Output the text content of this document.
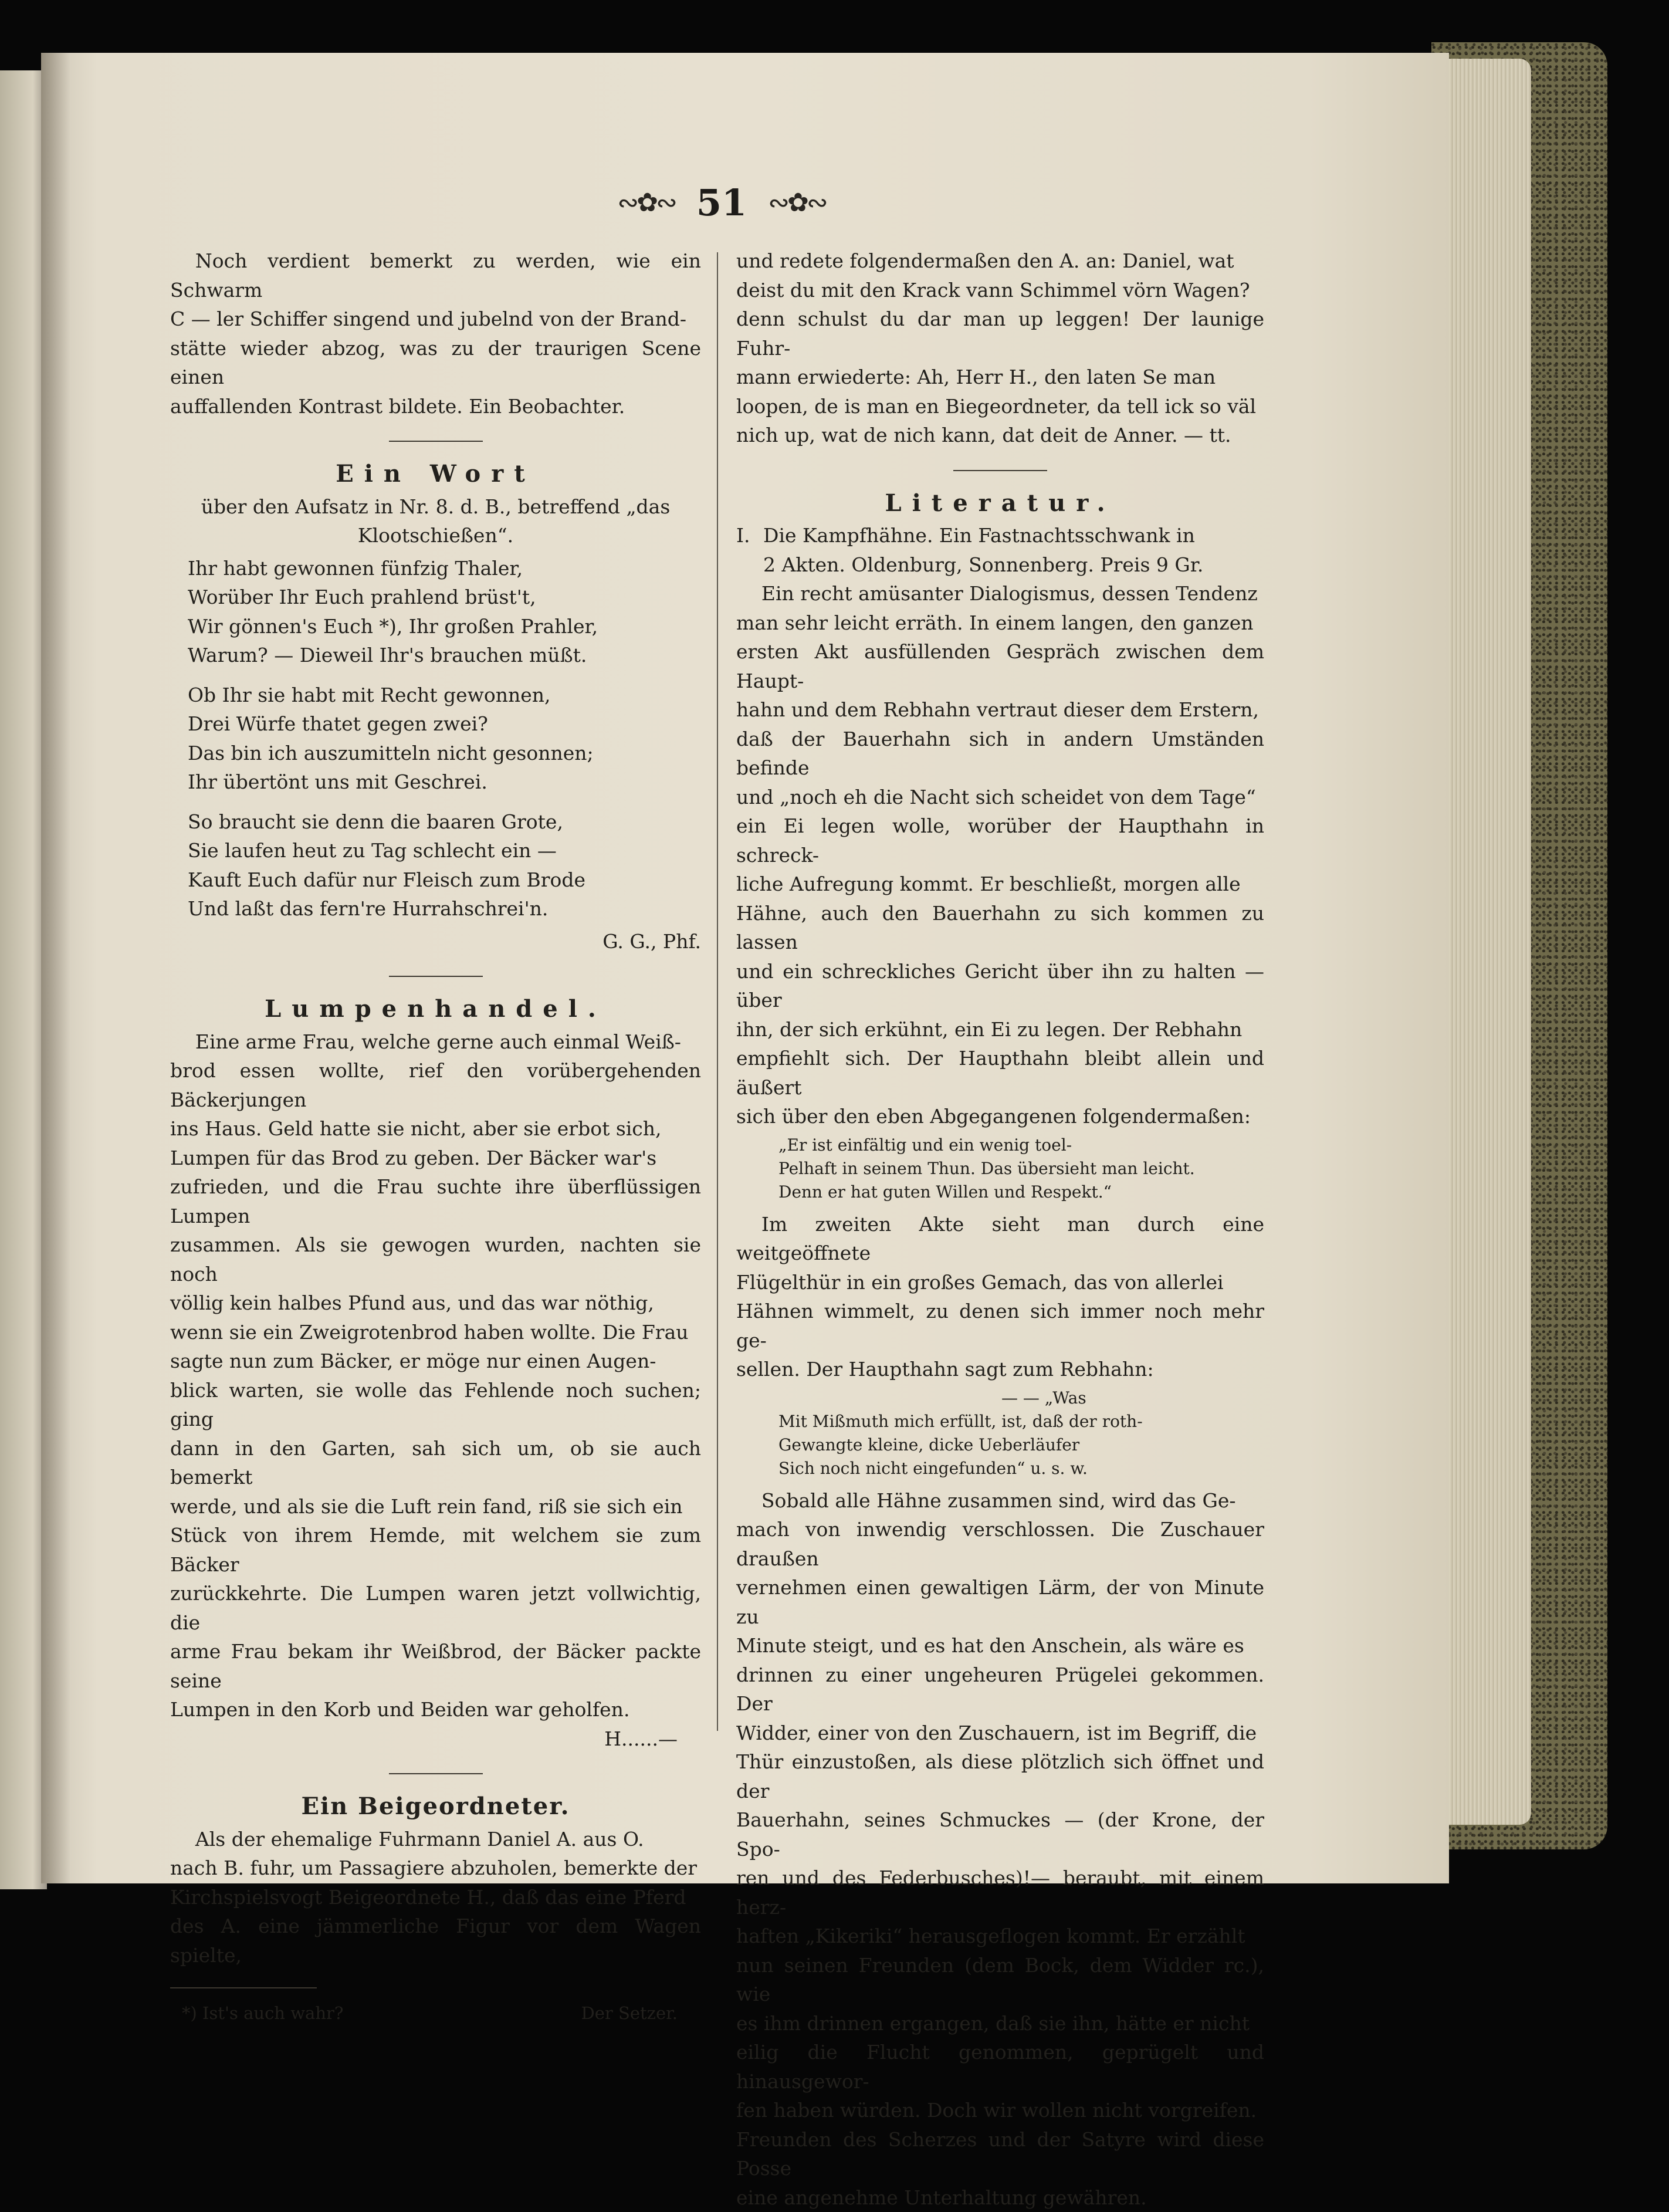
∾✿∾ 51 ∾✿∾

Noch verdient bemerkt zu werden, wie ein Schwarm

C — ler Schiffer singend und jubelnd von der Brand-

stätte wieder abzog, was zu der traurigen Scene einen

auffallenden Kontrast bildete. Ein Beobachter.

Ein Wort

über den Aufsatz in Nr. 8. d. B., betreffend „das

Klootschießen“.

Ihr habt gewonnen fünfzig Thaler,

Worüber Ihr Euch prahlend brüst't,

Wir gönnen's Euch *), Ihr großen Prahler,

Warum? — Dieweil Ihr's brauchen müßt.

Ob Ihr sie habt mit Recht gewonnen,

Drei Würfe thatet gegen zwei?

Das bin ich auszumitteln nicht gesonnen;

Ihr übertönt uns mit Geschrei.

So braucht sie denn die baaren Grote,

Sie laufen heut zu Tag schlecht ein —

Kauft Euch dafür nur Fleisch zum Brode

Und laßt das fern're Hurrahschrei'n.

G. G., Phf.

Lumpenhandel.

Eine arme Frau, welche gerne auch einmal Weiß-

brod essen wollte, rief den vorübergehenden Bäckerjungen

ins Haus. Geld hatte sie nicht, aber sie erbot sich,

Lumpen für das Brod zu geben. Der Bäcker war's

zufrieden, und die Frau suchte ihre überflüssigen Lumpen

zusammen. Als sie gewogen wurden, nachten sie noch

völlig kein halbes Pfund aus, und das war nöthig,

wenn sie ein Zweigrotenbrod haben wollte. Die Frau

sagte nun zum Bäcker, er möge nur einen Augen-

blick warten, sie wolle das Fehlende noch suchen; ging

dann in den Garten, sah sich um, ob sie auch bemerkt

werde, und als sie die Luft rein fand, riß sie sich ein

Stück von ihrem Hemde, mit welchem sie zum Bäcker

zurückkehrte. Die Lumpen waren jetzt vollwichtig, die

arme Frau bekam ihr Weißbrod, der Bäcker packte seine

Lumpen in den Korb und Beiden war geholfen.

H......—

Ein Beigeordneter.

Als der ehemalige Fuhrmann Daniel A. aus O.

nach B. fuhr, um Passagiere abzuholen, bemerkte der

Kirchspielsvogt Beigeordnete H., daß das eine Pferd

des A. eine jämmerliche Figur vor dem Wagen spielte,

*) Ist's auch wahr?	Der Setzer.

und redete folgendermaßen den A. an: Daniel, wat

deist du mit den Krack vann Schimmel vörn Wagen?

denn schulst du dar man up leggen! Der launige Fuhr-

mann erwiederte: Ah, Herr H., den laten Se man

loopen, de is man en Biegeordneter, da tell ick so väl

nich up, wat de nich kann, dat deit de Anner. — tt.

Literatur.

I. Die Kampfhähne. Ein Fastnachtsschwank in

2 Akten. Oldenburg, Sonnenberg. Preis 9 Gr.

Ein recht amüsanter Dialogismus, dessen Tendenz

man sehr leicht erräth. In einem langen, den ganzen

ersten Akt ausfüllenden Gespräch zwischen dem Haupt-

hahn und dem Rebhahn vertraut dieser dem Erstern,

daß der Bauerhahn sich in andern Umständen befinde

und „noch eh die Nacht sich scheidet von dem Tage“

ein Ei legen wolle, worüber der Haupthahn in schreck-

liche Aufregung kommt. Er beschließt, morgen alle

Hähne, auch den Bauerhahn zu sich kommen zu lassen

und ein schreckliches Gericht über ihn zu halten — über

ihn, der sich erkühnt, ein Ei zu legen. Der Rebhahn

empfiehlt sich. Der Haupthahn bleibt allein und äußert

sich über den eben Abgegangenen folgendermaßen:

„Er ist einfältig und ein wenig toel-

Pelhaft in seinem Thun. Das übersieht man leicht.

Denn er hat guten Willen und Respekt.“

Im zweiten Akte sieht man durch eine weitgeöffnete

Flügelthür in ein großes Gemach, das von allerlei

Hähnen wimmelt, zu denen sich immer noch mehr ge-

sellen. Der Haupthahn sagt zum Rebhahn:

— — „Was

Mit Mißmuth mich erfüllt, ist, daß der roth-

Gewangte kleine, dicke Ueberläufer

Sich noch nicht eingefunden“ u. s. w.

Sobald alle Hähne zusammen sind, wird das Ge-

mach von inwendig verschlossen. Die Zuschauer draußen

vernehmen einen gewaltigen Lärm, der von Minute zu

Minute steigt, und es hat den Anschein, als wäre es

drinnen zu einer ungeheuren Prügelei gekommen. Der

Widder, einer von den Zuschauern, ist im Begriff, die

Thür einzustoßen, als diese plötzlich sich öffnet und der

Bauerhahn, seines Schmuckes — (der Krone, der Spo-

ren und des Federbusches)!— beraubt, mit einem herz-

haften „Kikeriki“ herausgeflogen kommt. Er erzählt

nun seinen Freunden (dem Bock, dem Widder rc.), wie

es ihm drinnen ergangen, daß sie ihn, hätte er nicht

eilig die Flucht genommen, geprügelt und hinausgewor-

fen haben würden. Doch wir wollen nicht vorgreifen.

Freunden des Scherzes und der Satyre wird diese Posse

eine angenehme Unterhaltung gewähren.
